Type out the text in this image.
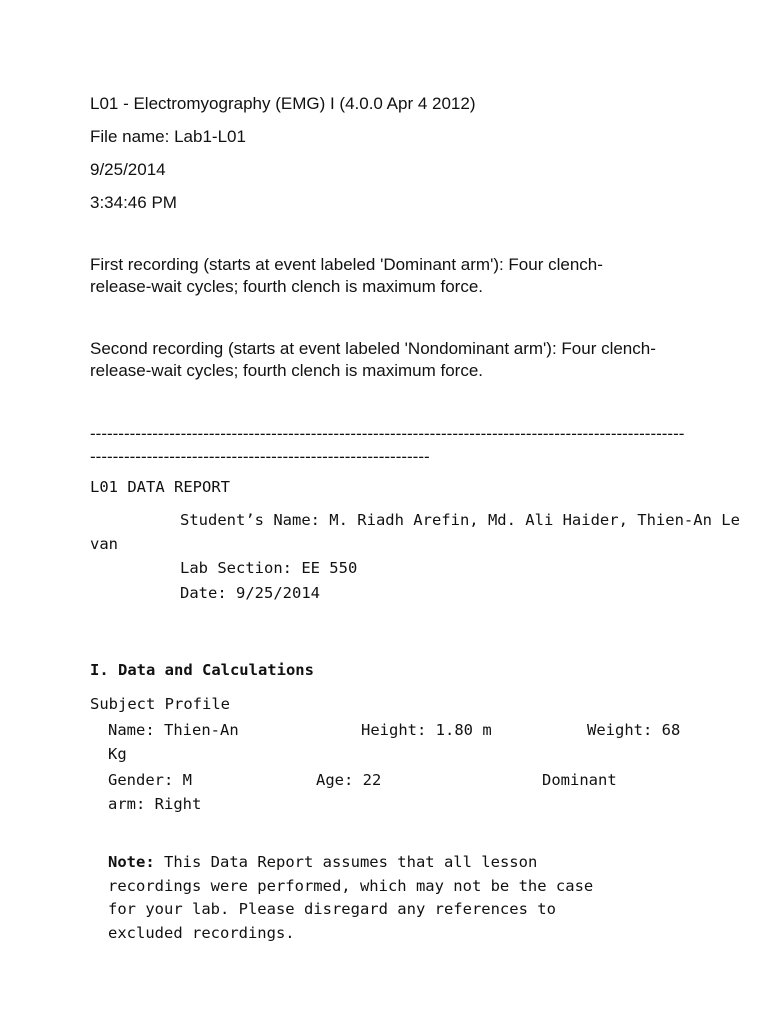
L01 - Electromyography (EMG) I (4.0.0 Apr 4 2012)
File name: Lab1-L01
9/25/2014
3:34:46 PM
First recording (starts at event labeled 'Dominant arm'): Four clench-release-wait cycles; fourth clench is maximum force.
Second recording (starts at event labeled 'Nondominant arm'): Four clench-release-wait cycles; fourth clench is maximum force.
---------------------------------------------------------------------------------------------------------------------------------------------------------------------
L01 DATA REPORT
Student’s Name: M. Riadh Arefin, Md. Ali Haider, Thien-An Le
van
Lab Section: EE 550
Date: 9/25/2014
I. Data and Calculations
Subject Profile
Name: Thien-An	Height: 1.80 m	Weight: 68
Kg
Gender: M	Age: 22	Dominant
arm: Right
Note: This Data Report assumes that all lesson recordings were performed, which may not be the case for your lab. Please disregard any references to excluded recordings.
